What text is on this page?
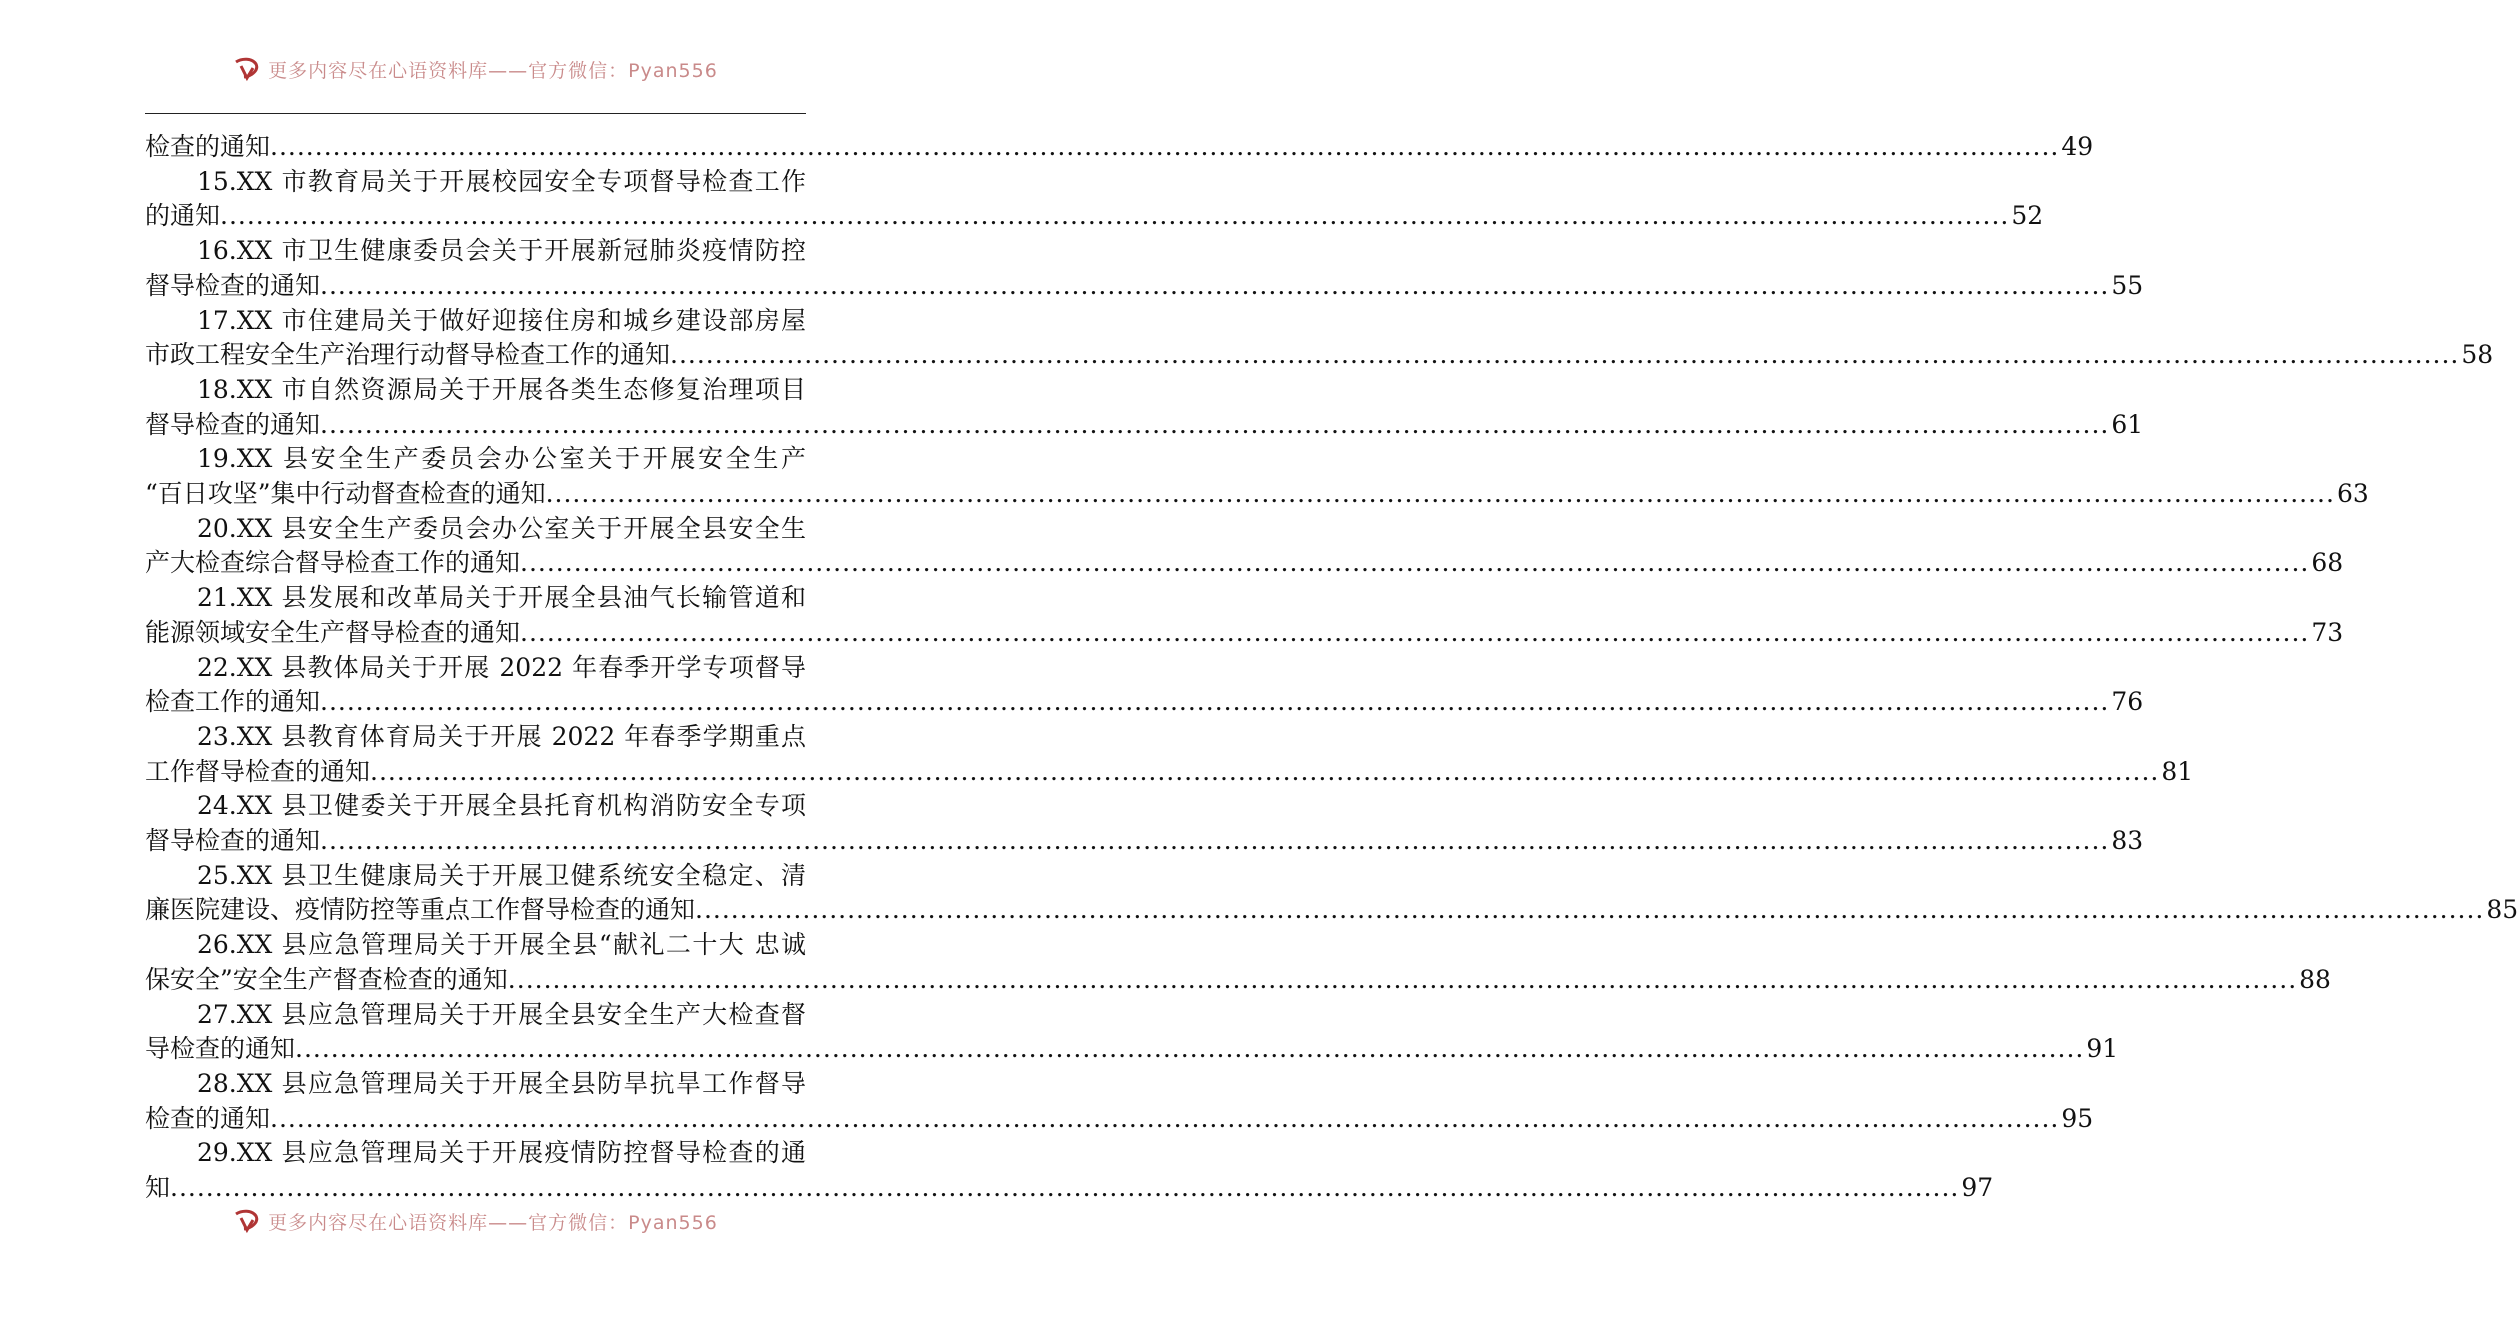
更多内容尽在心语资料库——官方微信：Pyan556
检查的通知 ........................................................................................................................................................................................................ 49
15.XX 市教育局关于开展校园安全专项督导检查工作
的通知 ........................................................................................................................................................................................................ 52
16.XX 市卫生健康委员会关于开展新冠肺炎疫情防控
督导检查的通知 ........................................................................................................................................................................................................ 55
17.XX 市住建局关于做好迎接住房和城乡建设部房屋
市政工程安全生产治理行动督导检查工作的通知 ........................................................................................................................................................................................................ 58
18.XX 市自然资源局关于开展各类生态修复治理项目
督导检查的通知 ........................................................................................................................................................................................................ 61
19.XX 县安全生产委员会办公室关于开展安全生产
“百日攻坚”集中行动督查检查的通知 ........................................................................................................................................................................................................ 63
20.XX 县安全生产委员会办公室关于开展全县安全生
产大检查综合督导检查工作的通知 ........................................................................................................................................................................................................ 68
21.XX 县发展和改革局关于开展全县油气长输管道和
能源领域安全生产督导检查的通知 ........................................................................................................................................................................................................ 73
22.XX 县教体局关于开展 2022 年春季开学专项督导
检查工作的通知 ........................................................................................................................................................................................................ 76
23.XX 县教育体育局关于开展 2022 年春季学期重点
工作督导检查的通知 ........................................................................................................................................................................................................ 81
24.XX 县卫健委关于开展全县托育机构消防安全专项
督导检查的通知 ........................................................................................................................................................................................................ 83
25.XX 县卫生健康局关于开展卫健系统安全稳定、清
廉医院建设、疫情防控等重点工作督导检查的通知 ........................................................................................................................................................................................................ 85
26.XX 县应急管理局关于开展全县“献礼二十大 忠诚
保安全”安全生产督查检查的通知 ........................................................................................................................................................................................................ 88
27.XX 县应急管理局关于开展全县安全生产大检查督
导检查的通知 ........................................................................................................................................................................................................ 91
28.XX 县应急管理局关于开展全县防旱抗旱工作督导
检查的通知 ........................................................................................................................................................................................................ 95
29.XX 县应急管理局关于开展疫情防控督导检查的通
知 ........................................................................................................................................................................................................ 97
更多内容尽在心语资料库——官方微信：Pyan556
